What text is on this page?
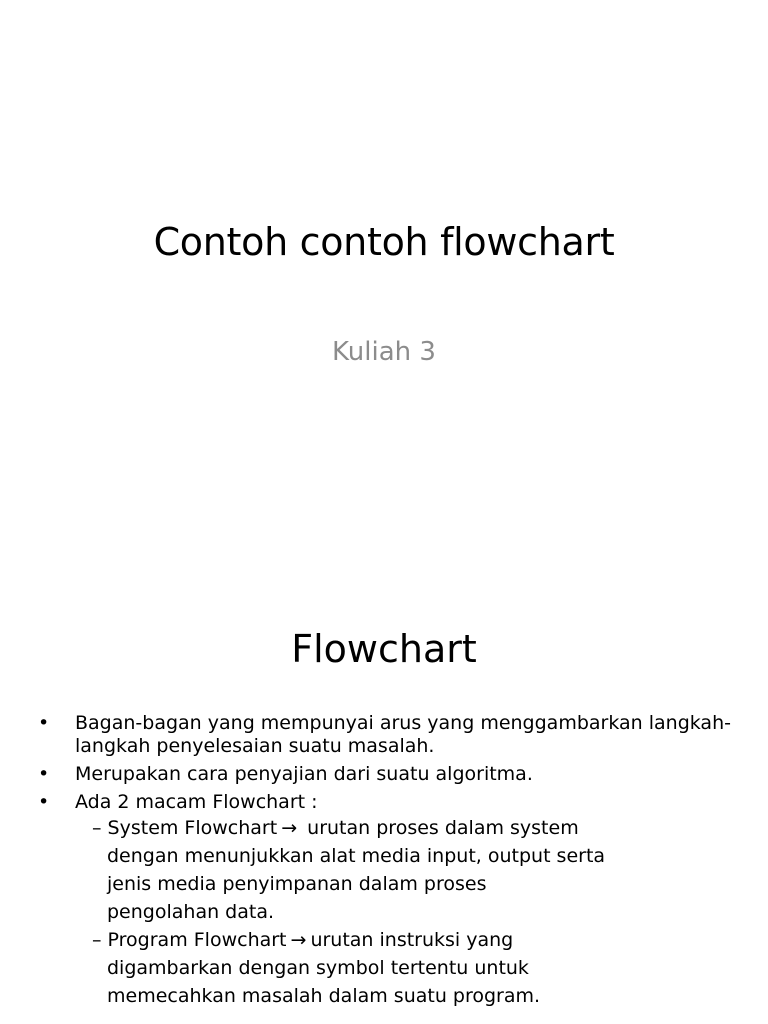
Contoh contoh flowchart

Kuliah 3

Flowchart
• Bagan-bagan yang mempunyai arus yang menggambarkan langkah-
langkah penyelesaian suatu masalah.
• Merupakan cara penyajian dari suatu algoritma.
• Ada 2 macam Flowchart :
– System Flowchart → urutan proses dalam system
dengan menunjukkan alat media input, output serta
jenis media penyimpanan dalam proses
pengolahan data.
– Program Flowchart → urutan instruksi yang
digambarkan dengan symbol tertentu untuk
memecahkan masalah dalam suatu program.
